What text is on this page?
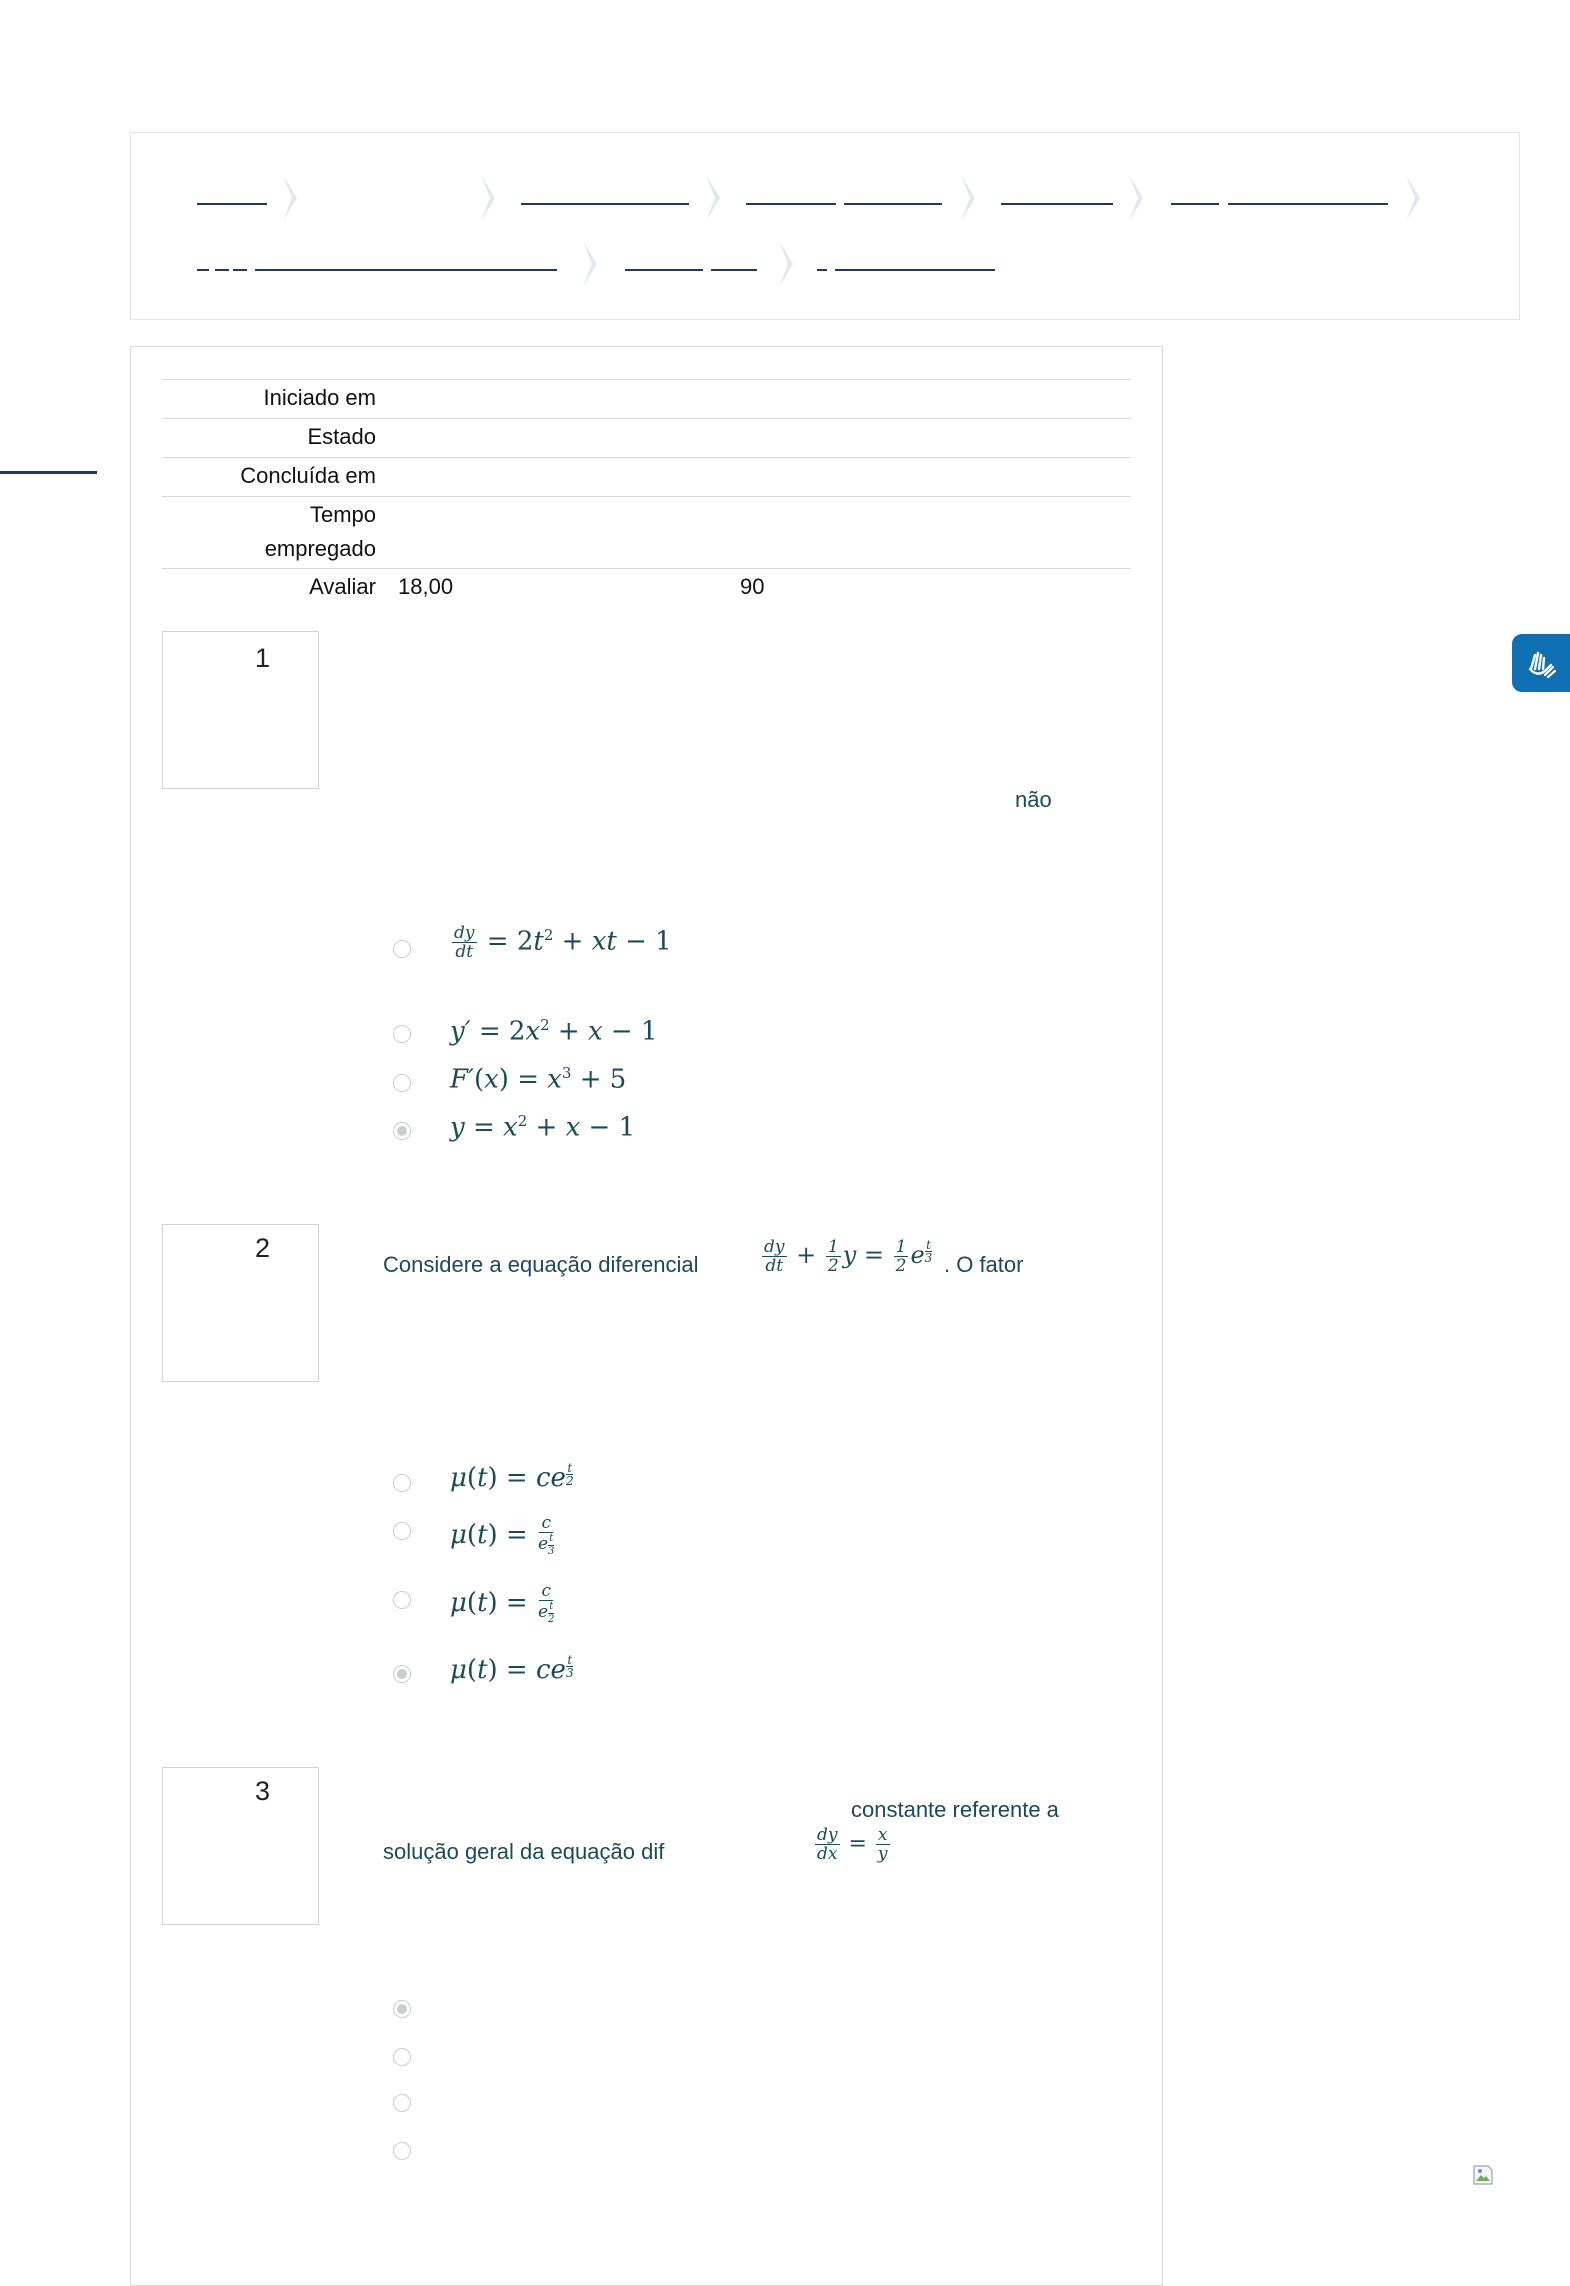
Iniciado em
Estado
Concluída em
Tempo empregado
Avaliar 18,00	90
1
não
$\frac{dy}{dt} = 2t^2$ + xt − 1
$y' = 2x^2 + x - 1$
$F'(x) = x^3 + 5$
$y = x^2 + x - 1$
2
Considere a equação diferencial	$\frac{dy}{dt} + \frac{1}{2}$ $y = \frac{1}{2}$ e $\frac{t}{3}$
. O fator
μ(t) = ce $\frac{t}{2}$
$\mu(t) = \frac{c}{e \frac{t}{3}}$
$\mu(t) = \frac{c}{e \frac{t}{2}}$
μ(t) = ce $\frac{t}{3}$
3
constante referente a
solução geral da equação dif	$\frac{dy}{dx} = \frac{x}{y}$
